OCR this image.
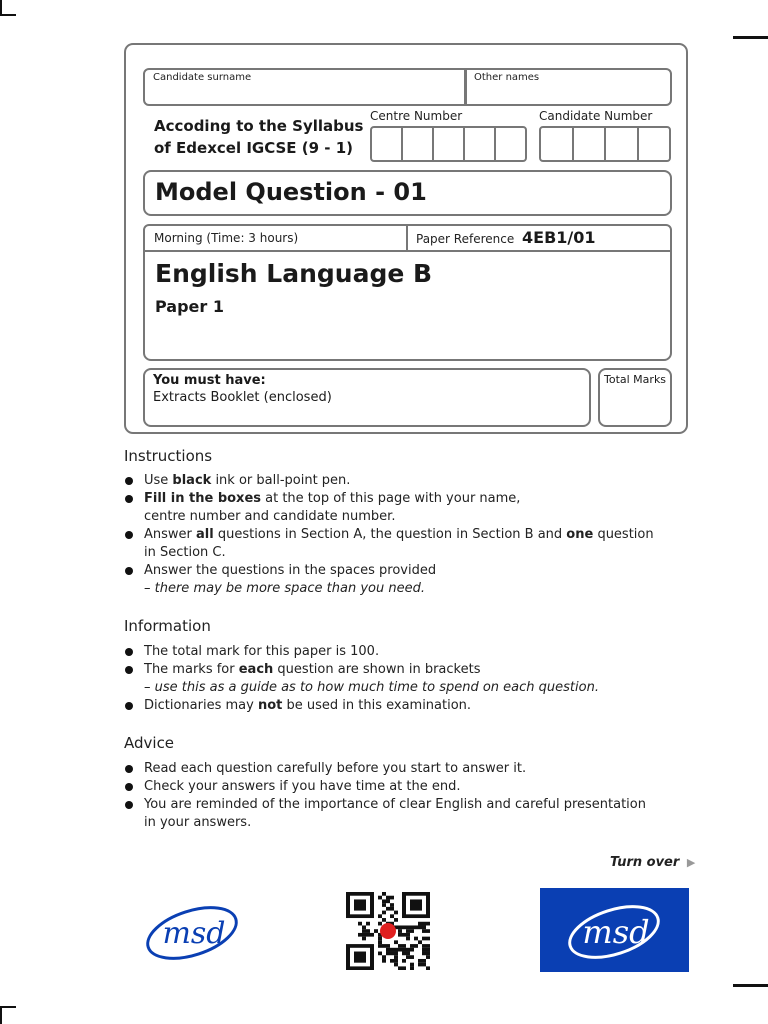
Candidate surname	Other names
Accoding to the Syllabus
of Edexcel IGCSE (9 - 1)
Centre Number	Candidate Number
Model Question - 01
Morning (Time: 3 hours)	Paper Reference 4EB1/01
English Language B
Paper 1
You must have:
Extracts Booklet (enclosed)
Total Marks
Instructions
Use black ink or ball-point pen.
Fill in the boxes at the top of this page with your name,
centre number and candidate number.
Answer all questions in Section A, the question in Section B and one question
in Section C.
Answer the questions in the spaces provided
– there may be more space than you need.
Information
The total mark for this paper is 100.
The marks for each question are shown in brackets
– use this as a guide as to how much time to spend on each question.
Dictionaries may not be used in this examination.
Advice
Read each question carefully before you start to answer it.
Check your answers if you have time at the end.
You are reminded of the importance of clear English and careful presentation
in your answers.
Turn over ▶
msd	msd
